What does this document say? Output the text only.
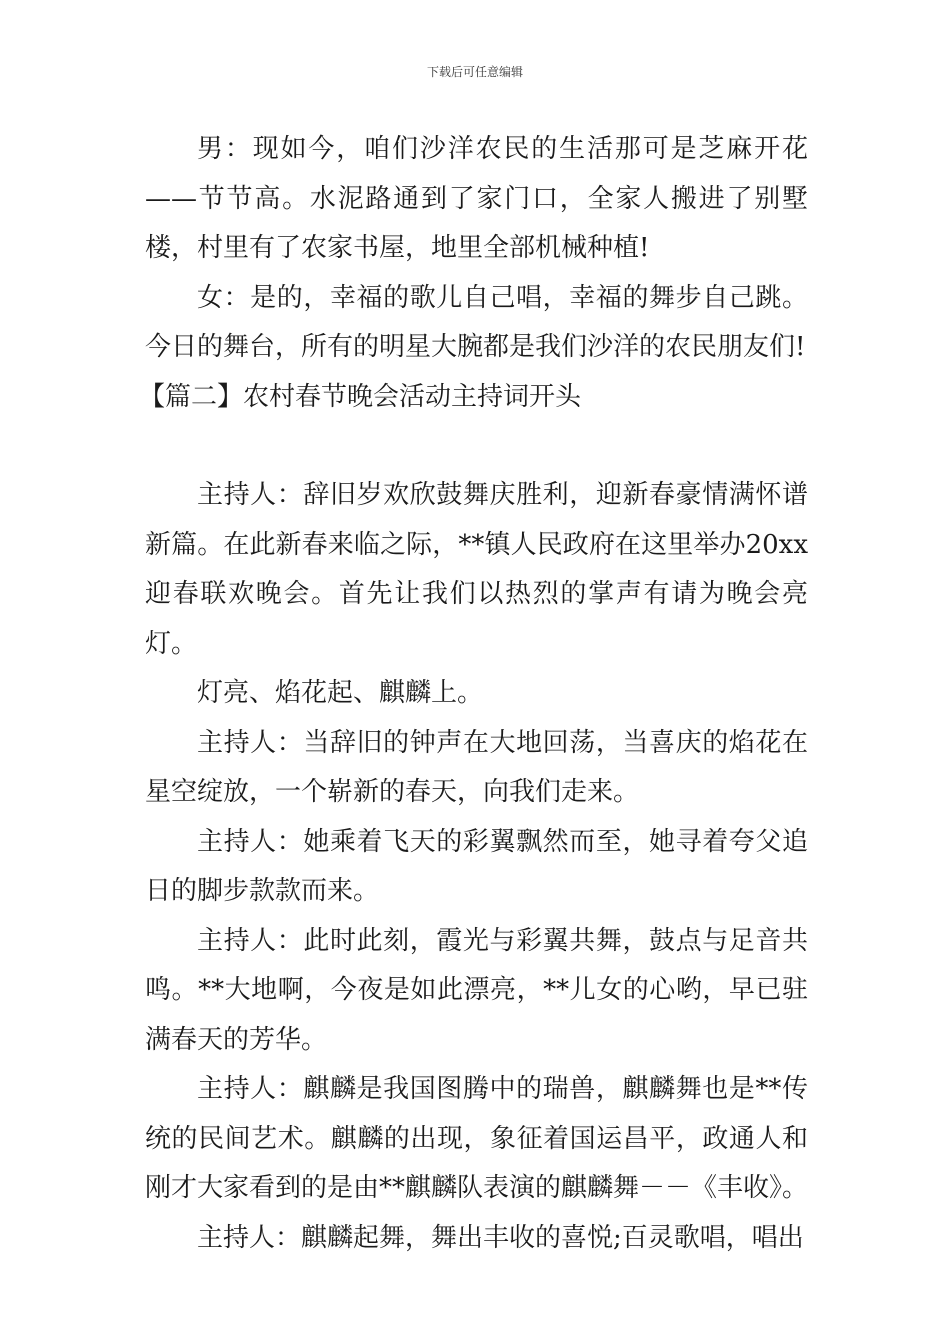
下载后可任意编辑

男：现如今，咱们沙洋农民的生活那可是芝麻开花——节节高。水泥路通到了家门口，全家人搬进了别墅楼，村里有了农家书屋，地里全部机械种植!

女：是的，幸福的歌儿自己唱，幸福的舞步自己跳。今日的舞台，所有的明星大腕都是我们沙洋的农民朋友们!

【篇二】农村春节晚会活动主持词开头

主持人：辞旧岁欢欣鼓舞庆胜利，迎新春豪情满怀谱新篇。在此新春来临之际，**镇人民政府在这里举办20xx迎春联欢晚会。首先让我们以热烈的掌声有请为晚会亮灯。

灯亮、焰花起、麒麟上。

主持人：当辞旧的钟声在大地回荡，当喜庆的焰花在星空绽放，一个崭新的春天，向我们走来。

主持人：她乘着飞天的彩翼飘然而至，她寻着夸父追日的脚步款款而来。

主持人：此时此刻，霞光与彩翼共舞，鼓点与足音共鸣。**大地啊，今夜是如此漂亮，**儿女的心哟，早已驻满春天的芳华。

主持人：麒麟是我国图腾中的瑞兽，麒麟舞也是**传统的民间艺术。麒麟的出现，象征着国运昌平，政通人和刚才大家看到的是由**麒麟队表演的麒麟舞－－《丰收》。

主持人：麒麟起舞，舞出丰收的喜悦;百灵歌唱，唱出
